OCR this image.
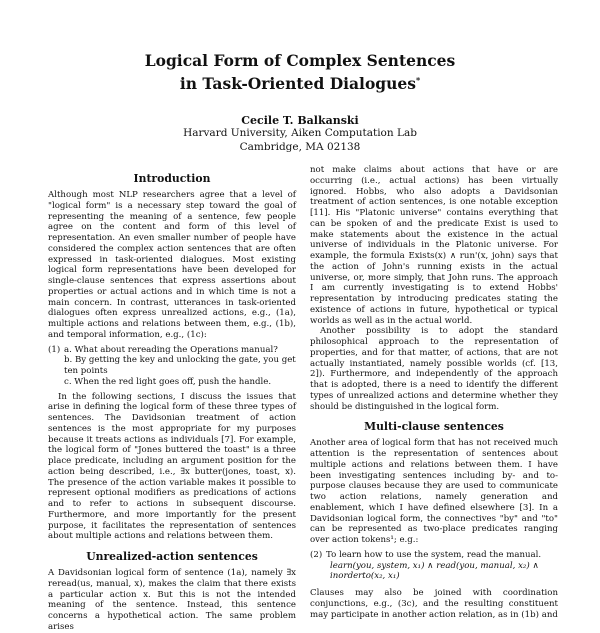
Logical Form of Complex Sentences
in Task-Oriented Dialogues*
Cecile T. Balkanski
Harvard University, Aiken Computation Lab
Cambridge, MA 02138
Introduction

Although most NLP researchers agree that a level of "logical form" is a necessary step toward the goal of representing the meaning of a sentence, few people agree on the content and form of this level of representation. An even smaller number of people have considered the complex action sentences that are often expressed in task-oriented dialogues. Most existing logical form representations have been developed for single-clause sentences that express assertions about properties or actual actions and in which time is not a main concern. In contrast, utterances in task-oriented dialogues often express unrealized actions, e.g., (1a), multiple actions and relations between them, e.g., (1b), and temporal information, e.g., (1c):

(1) a. What about rereading the Operations manual?
b. By getting the key and unlocking the gate, you get ten points
c. When the red light goes off, push the handle.

In the following sections, I discuss the issues that arise in defining the logical form of these three types of sentences. The Davidsonian treatment of action sentences is the most appropriate for my purposes because it treats actions as individuals [7]. For example, the logical form of "Jones buttered the toast" is a three place predicate, including an argument position for the action being described, i.e., ∃x butter(jones, toast, x). The presence of the action variable makes it possible to represent optional modifiers as predications of actions and to refer to actions in subsequent discourse. Furthermore, and more importantly for the present purpose, it facilitates the representation of sentences about multiple actions and relations between them.

Unrealized-action sentences

A Davidsonian logical form of sentence (1a), namely ∃x reread(us, manual, x), makes the claim that there exists a particular action x. But this is not the intended meaning of the sentence. Instead, this sentence concerns a hypothetical action. The same problem arises

not make claims about actions that have or are occurring (i.e., actual actions) has been virtually ignored. Hobbs, who also adopts a Davidsonian treatment of action sentences, is one notable exception [11]. His "Platonic universe" contains everything that can be spoken of and the predicate Exist is used to make statements about the existence in the actual universe of individuals in the Platonic universe. For example, the formula Exists(x) ∧ run'(x, john) says that the action of John's running exists in the actual universe, or, more simply, that John runs. The approach I am currently investigating is to extend Hobbs' representation by introducing predicates stating the existence of actions in future, hypothetical or typical worlds as well as in the actual world.

Another possibility is to adopt the standard philosophical approach to the representation of properties, and for that matter, of actions, that are not actually instantiated, namely possible worlds (cf. [13, 2]). Furthermore, and independently of the approach that is adopted, there is a need to identify the different types of unrealized actions and determine whether they should be distinguished in the logical form.

Multi-clause sentences

Another area of logical form that has not received much attention is the representation of sentences about multiple actions and relations between them. I have been investigating sentences including by- and to- purpose clauses because they are used to communicate two action relations, namely generation and enablement, which I have defined elsewhere [3]. In a Davidsonian logical form, the connectives "by" and "to" can be represented as two-place predicates ranging over action tokens¹; e.g.:

(2) To learn how to use the system, read the manual.
learn(you, system, x₁) ∧ read(you, manual, x₂) ∧
inorderto(x₂, x₁)

Clauses may also be joined with coordination conjunctions, e.g., (3c), and the resulting constituent may participate in another action relation, as in (1b) and
